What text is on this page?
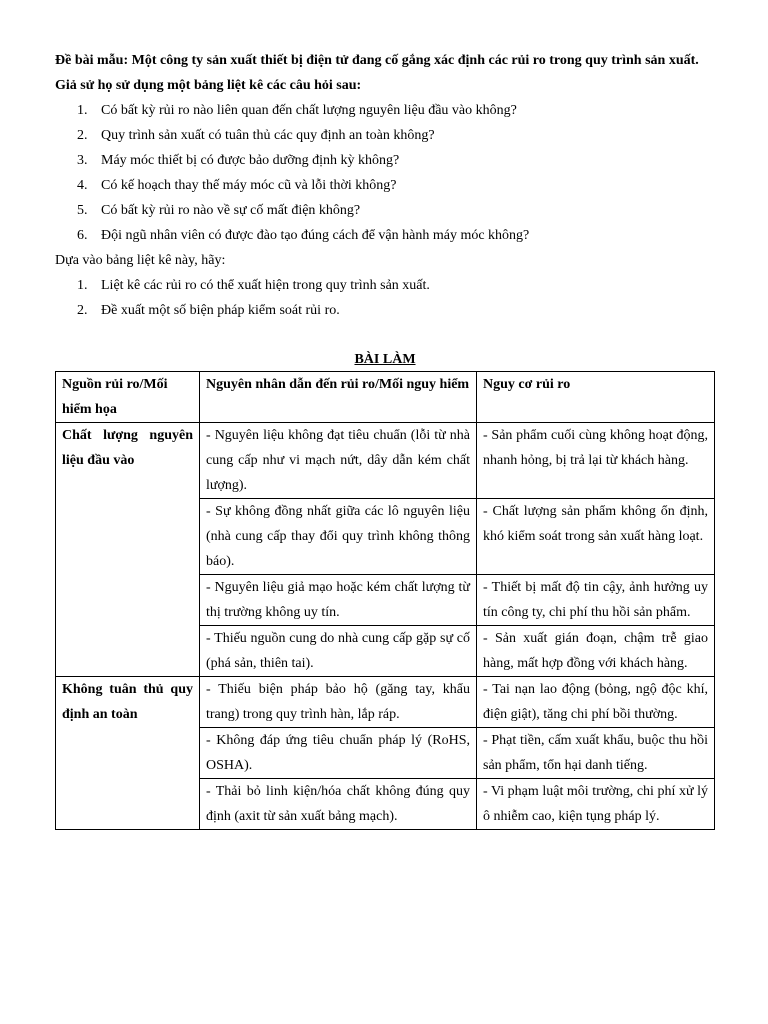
Đề bài mẫu: Một công ty sản xuất thiết bị điện tử đang cố gắng xác định các rủi ro trong quy trình sản xuất. Giả sử họ sử dụng một bảng liệt kê các câu hỏi sau:

1. Có bất kỳ rủi ro nào liên quan đến chất lượng nguyên liệu đầu vào không?
2. Quy trình sản xuất có tuân thủ các quy định an toàn không?
3. Máy móc thiết bị có được bảo dưỡng định kỳ không?
4. Có kế hoạch thay thế máy móc cũ và lỗi thời không?
5. Có bất kỳ rủi ro nào về sự cố mất điện không?
6. Đội ngũ nhân viên có được đào tạo đúng cách để vận hành máy móc không?

Dựa vào bảng liệt kê này, hãy:

1. Liệt kê các rủi ro có thể xuất hiện trong quy trình sản xuất.
2. Đề xuất một số biện pháp kiểm soát rủi ro.
BÀI LÀM
Nguồn rủi ro/Mối hiểm họa	Nguyên nhân dẫn đến rủi ro/Mối nguy hiểm	Nguy cơ rủi ro
Chất lượng nguyên liệu đầu vào	- Nguyên liệu không đạt tiêu chuẩn (lỗi từ nhà cung cấp như vi mạch nứt, dây dẫn kém chất lượng).	- Sản phẩm cuối cùng không hoạt động, nhanh hỏng, bị trả lại từ khách hàng.
	- Sự không đồng nhất giữa các lô nguyên liệu (nhà cung cấp thay đổi quy trình không thông báo).	- Chất lượng sản phẩm không ổn định, khó kiểm soát trong sản xuất hàng loạt.
	- Nguyên liệu giả mạo hoặc kém chất lượng từ thị trường không uy tín.	- Thiết bị mất độ tin cậy, ảnh hưởng uy tín công ty, chi phí thu hồi sản phẩm.
	- Thiếu nguồn cung do nhà cung cấp gặp sự cố (phá sản, thiên tai).	- Sản xuất gián đoạn, chậm trễ giao hàng, mất hợp đồng với khách hàng.
Không tuân thủ quy định an toàn	- Thiếu biện pháp bảo hộ (găng tay, khẩu trang) trong quy trình hàn, lắp ráp.	- Tai nạn lao động (bỏng, ngộ độc khí, điện giật), tăng chi phí bồi thường.
	- Không đáp ứng tiêu chuẩn pháp lý (RoHS, OSHA).	- Phạt tiền, cấm xuất khẩu, buộc thu hồi sản phẩm, tổn hại danh tiếng.
	- Thải bỏ linh kiện/hóa chất không đúng quy định (axit từ sản xuất bảng mạch).	- Vi phạm luật môi trường, chi phí xử lý ô nhiễm cao, kiện tụng pháp lý.
